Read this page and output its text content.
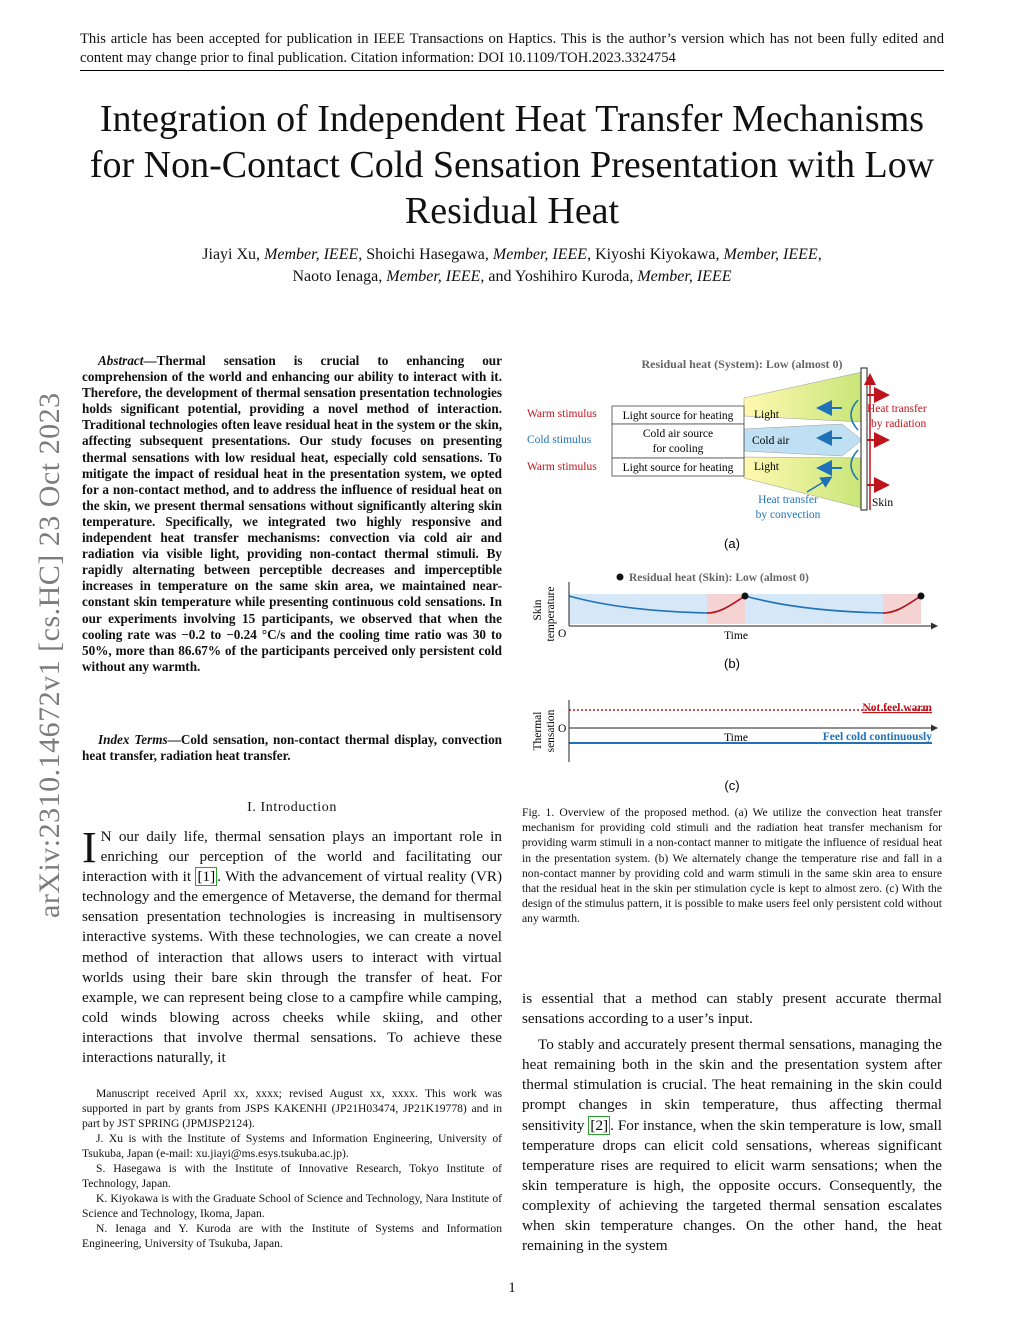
This article has been accepted for publication in IEEE Transactions on Haptics. This is the author’s version which has not been fully edited and content may change prior to final publication. Citation information: DOI 10.1109/TOH.2023.3324754
Integration of Independent Heat Transfer Mechanisms for Non-Contact Cold Sensation Presentation with Low Residual Heat
Jiayi Xu, Member, IEEE, Shoichi Hasegawa, Member, IEEE, Kiyoshi Kiyokawa, Member, IEEE,
Naoto Ienaga, Member, IEEE, and Yoshihiro Kuroda, Member, IEEE
arXiv:2310.14672v1 [cs.HC] 23 Oct 2023
Abstract—Thermal sensation is crucial to enhancing our comprehension of the world and enhancing our ability to interact with it. Therefore, the development of thermal sensation presentation technologies holds significant potential, providing a novel method of interaction. Traditional technologies often leave residual heat in the system or the skin, affecting subsequent presentations. Our study focuses on presenting thermal sensations with low residual heat, especially cold sensations. To mitigate the impact of residual heat in the presentation system, we opted for a non-contact method, and to address the influence of residual heat on the skin, we present thermal sensations without significantly altering skin temperature. Specifically, we integrated two highly responsive and independent heat transfer mechanisms: convection via cold air and radiation via visible light, providing non-contact thermal stimuli. By rapidly alternating between perceptible decreases and imperceptible increases in temperature on the same skin area, we maintained near-constant skin temperature while presenting continuous cold sensations. In our experiments involving 15 participants, we observed that when the cooling rate was −0.2 to −0.24 °C/s and the cooling time ratio was 30 to 50%, more than 86.67% of the participants perceived only persistent cold without any warmth.
Index Terms—Cold sensation, non-contact thermal display, convection heat transfer, radiation heat transfer.
I. Introduction
I N our daily life, thermal sensation plays an important role in enriching our perception of the world and facilitating our interaction with it [1] . With the advancement of virtual reality (VR) technology and the emergence of Metaverse, the demand for thermal sensation presentation technologies is increasing in multisensory interactive systems. With these technologies, we can create a novel method of interaction that allows users to interact with virtual worlds using their bare skin through the transfer of heat. For example, we can represent being close to a campfire while camping, cold winds blowing across cheeks while skiing, and other interactions that involve thermal sensations. To achieve these interactions naturally, it

Manuscript received April xx, xxxx; revised August xx, xxxx. This work was supported in part by grants from JSPS KAKENHI (JP21H03474, JP21K19778) and in part by JST SPRING (JPMJSP2124).

J. Xu is with the Institute of Systems and Information Engineering, University of Tsukuba, Japan (e-mail: xu.jiayi@ms.esys.tsukuba.ac.jp).

S. Hasegawa is with the Institute of Innovative Research, Tokyo Institute of Technology, Japan.

K. Kiyokawa is with the Graduate School of Science and Technology, Nara Institute of Science and Technology, Ikoma, Japan.

N. Ienaga and Y. Kuroda are with the Institute of Systems and Information Engineering, University of Tsukuba, Japan.

Residual heat (System): Low (almost 0)
Light source for heating
Cold air source
for cooling
Light source for heating
Warm stimulus
Cold stimulus
Warm stimulus
Light
Cold air
Light
Heat transfer
by radiation
Heat transfer
by convection
Skin
(a)
Residual heat (Skin): Low (almost 0)
O	Time
Skin temperature
(b)
Not feel warm
Feel cold continuously
O
Time
Thermal sensation
(c)
Fig. 1. Overview of the proposed method. (a) We utilize the convection heat transfer mechanism for providing cold stimuli and the radiation heat transfer mechanism for providing warm stimuli in a non-contact manner to mitigate the influence of residual heat in the presentation system. (b) We alternately change the temperature rise and fall in a non-contact manner by providing cold and warm stimuli in the same skin area to ensure that the residual heat in the skin per stimulation cycle is kept to almost zero. (c) With the design of the stimulus pattern, it is possible to make users feel only persistent cold without any warmth.

is essential that a method can stably present accurate thermal sensations according to a user’s input.

To stably and accurately present thermal sensations, managing the heat remaining both in the skin and the presentation system after thermal stimulation is crucial. The heat remaining in the skin could prompt changes in skin temperature, thus affecting thermal sensitivity [2] . For instance, when the skin temperature is low, small temperature drops can elicit cold sensations, whereas significant temperature rises are required to elicit warm sensations; when the skin temperature is high, the opposite occurs. Consequently, the complexity of achieving the targeted thermal sensation escalates when skin temperature changes. On the other hand, the heat remaining in the system

1
